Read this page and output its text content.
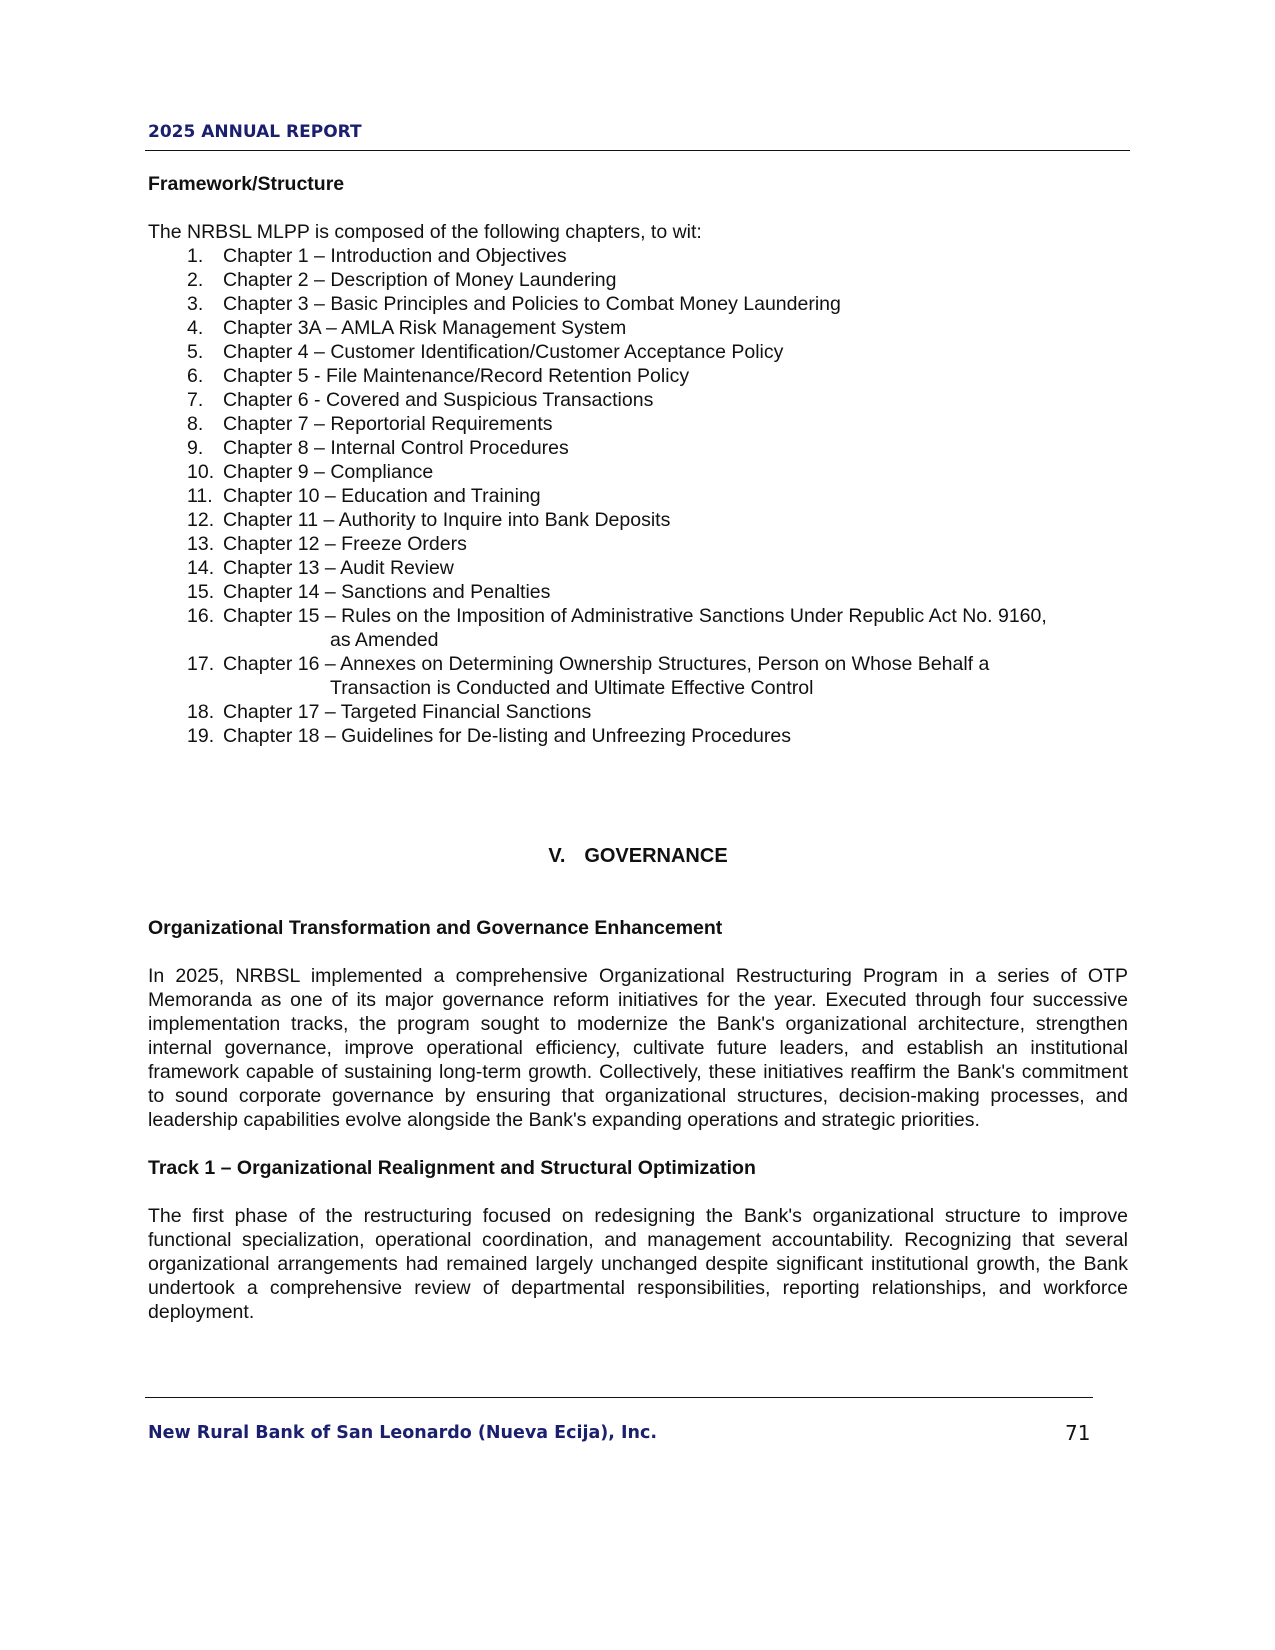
2025 ANNUAL REPORT
Framework/Structure
The NRBSL MLPP is composed of the following chapters, to wit:
1.	Chapter 1 – Introduction and Objectives
2.	Chapter 2 – Description of Money Laundering
3.	Chapter 3 – Basic Principles and Policies to Combat Money Laundering
4.	Chapter 3A – AMLA Risk Management System
5.	Chapter 4 – Customer Identification/Customer Acceptance Policy
6.	Chapter 5 - File Maintenance/Record Retention Policy
7.	Chapter 6 - Covered and Suspicious Transactions
8.	Chapter 7 – Reportorial Requirements
9.	Chapter 8 – Internal Control Procedures
10. Chapter 9 – Compliance
11. Chapter 10 – Education and Training
12. Chapter 11 – Authority to Inquire into Bank Deposits
13. Chapter 12 – Freeze Orders
14. Chapter 13 – Audit Review
15. Chapter 14 – Sanctions and Penalties
16. Chapter 15 – Rules on the Imposition of Administrative Sanctions Under Republic Act No. 9160,
as Amended
17. Chapter 16 – Annexes on Determining Ownership Structures, Person on Whose Behalf a
Transaction is Conducted and Ultimate Effective Control
18. Chapter 17 – Targeted Financial Sanctions
19. Chapter 18 – Guidelines for De-listing and Unfreezing Procedures
V. GOVERNANCE
Organizational Transformation and Governance Enhancement
In 2025, NRBSL implemented a comprehensive Organizational Restructuring Program in a series of OTP Memoranda as one of its major governance reform initiatives for the year. Executed through four successive implementation tracks, the program sought to modernize the Bank's organizational architecture, strengthen internal governance, improve operational efficiency, cultivate future leaders, and establish an institutional framework capable of sustaining long-term growth. Collectively, these initiatives reaffirm the Bank's commitment to sound corporate governance by ensuring that organizational structures, decision-making processes, and leadership capabilities evolve alongside the Bank's expanding operations and strategic priorities.
Track 1 – Organizational Realignment and Structural Optimization
The first phase of the restructuring focused on redesigning the Bank's organizational structure to improve functional specialization, operational coordination, and management accountability. Recognizing that several organizational arrangements had remained largely unchanged despite significant institutional growth, the Bank undertook a comprehensive review of departmental responsibilities, reporting relationships, and workforce deployment.
New Rural Bank of San Leonardo (Nueva Ecija), Inc.	71
